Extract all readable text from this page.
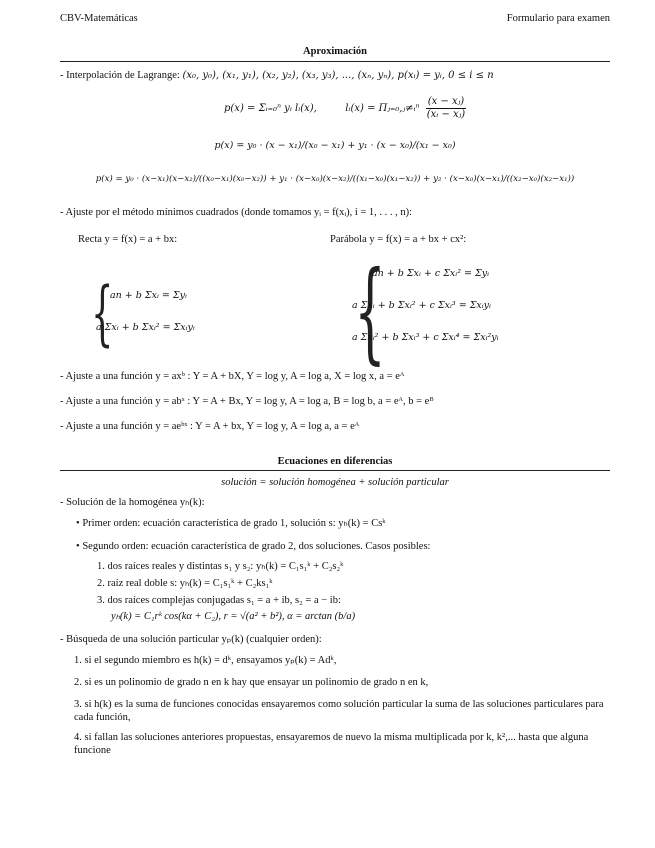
CBV-Matemáticas	Formulario para examen
Aproximación
- Interpolación de Lagrange: (x₀, y₀), (x₁, y₁), (x₂, y₂), (x₃, y₃), ..., (xₙ, yₙ), p(xᵢ) = yᵢ, 0 ≤ i ≤ n
p(x) = Σᵢ₌₀ⁿ yᵢ lᵢ(x),	lᵢ(x) = Πⱼ₌₀,ⱼ≠ᵢⁿ $\frac{\text{(x − xⱼ)}}{\text{(xᵢ − xⱼ)}}$
p(x) = y₀ · (x − x₁)/(x₀ − x₁) + y₁ · (x − x₀)/(x₁ − x₀)
p(x) = y₀ · (x−x₁)(x−x₂)/((x₀−x₁)(x₀−x₂)) + y₁ · (x−x₀)(x−x₂)/((x₁−x₀)(x₁−x₂)) + y₂ · (x−x₀)(x−x₁)/((x₂−x₀)(x₂−x₁))
- Ajuste por el método mínimos cuadrados (donde tomamos yᵢ = f(xᵢ), i = 1, . . . , n):
Recta y = f(x) = a + bx:	Parábola y = f(x) = a + bx + cx²:
{
an + b Σxᵢ = Σyᵢ
a Σxᵢ + b Σxᵢ² = Σxᵢyᵢ {
an + b Σxᵢ + c Σxᵢ² = Σyᵢ
a Σxᵢ + b Σxᵢ² + c Σxᵢ³ = Σxᵢyᵢ
a Σxᵢ² + b Σxᵢ³ + c Σxᵢ⁴ = Σxᵢ²yᵢ
- Ajuste a una función y = axᵇ : Y = A + bX, Y = log y, A = log a, X = log x, a = eᴬ
- Ajuste a una función y = abˣ : Y = A + Bx, Y = log y, A = log a, B = log b, a = eᴬ, b = eᴮ
- Ajuste a una función y = aeᵇˣ : Y = A + bx, Y = log y, A = log a, a = eᴬ
Ecuaciones en diferencias
solución = solución homogénea + solución particular
- Solución de la homogénea yₕ(k):
• Primer orden: ecuación característica de grado 1, solución s: yₕ(k) = Csᵏ
• Segundo orden: ecuación característica de grado 2, dos soluciones. Casos posibles:
1. dos raíces reales y distintas s₁ y s₂: yₕ(k) = C₁s₁ᵏ + C₂s₂ᵏ
2. raíz real doble s: yₕ(k) = C₁s₁ᵏ + C₂ks₁ᵏ
3. dos raíces complejas conjugadas s₁ = a + ib, s₂ = a − ib:
yₕ(k) = C₁rᵏ cos(kα + C₂), r = √(a² + b²), α = arctan (b/a)
- Búsqueda de una solución particular yₚ(k) (cualquier orden):
1. si el segundo miembro es h(k) = dᵏ, ensayamos yₚ(k) = Adᵏ,
2. si es un polinomio de grado n en k hay que ensayar un polinomio de grado n en k,
3. si h(k) es la suma de funciones conocidas ensayaremos como solución particular la suma de las soluciones particulares para cada función,
4. si fallan las soluciones anteriores propuestas, ensayaremos de nuevo la misma multiplicada por k, k²,... hasta que alguna funcione
